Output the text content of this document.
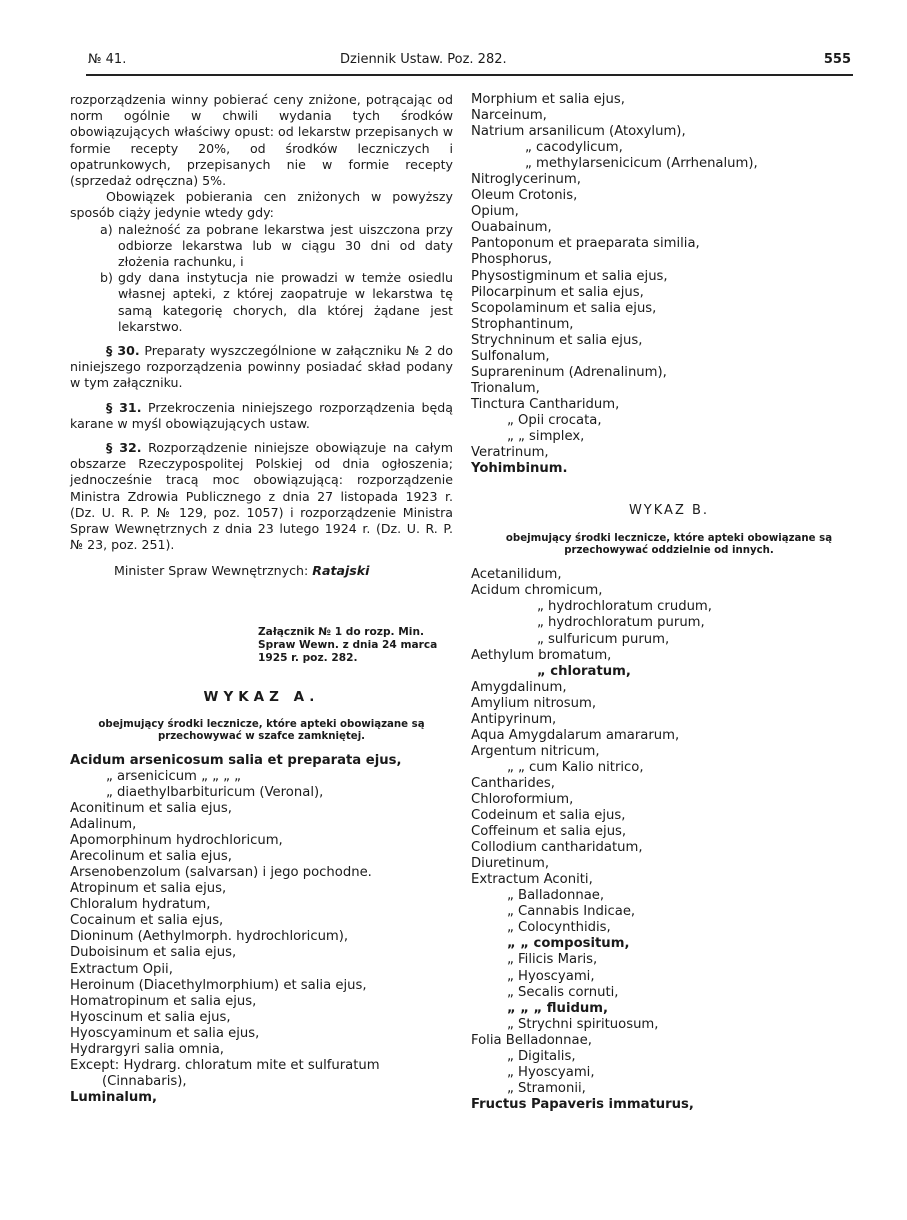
№ 41.	Dziennik Ustaw. Poz. 282.	555

rozporządzenia winny pobierać ceny zniżone, potrącając od norm ogólnie w chwili wydania tych środków obowiązujących właściwy opust: od lekarstw przepisanych w formie recepty 20%, od środków leczniczych i opatrunkowych, przepisanych nie w formie recepty (sprzedaż odręczna) 5%.

Obowiązek pobierania cen zniżonych w powyższy sposób ciąży jedynie wtedy gdy:

a) należność za pobrane lekarstwa jest uiszczona przy odbiorze lekarstwa lub w ciągu 30 dni od daty złożenia rachunku, i
b) gdy dana instytucja nie prowadzi w temże osiedlu własnej apteki, z której zaopatruje w lekarstwa tę samą kategorię chorych, dla której żądane jest lekarstwo.

§ 30. Preparaty wyszczególnione w załączniku № 2 do niniejszego rozporządzenia powinny posiadać skład podany w tym załączniku.

§ 31. Przekroczenia niniejszego rozporządzenia będą karane w myśl obowiązujących ustaw.

§ 32. Rozporządzenie niniejsze obowiązuje na całym obszarze Rzeczypospolitej Polskiej od dnia ogłoszenia; jednocześnie tracą moc obowiązującą: rozporządzenie Ministra Zdrowia Publicznego z dnia 27 listopada 1923 r. (Dz. U. R. P. № 129, poz. 1057) i rozporządzenie Ministra Spraw Wewnętrznych z dnia 23 lutego 1924 r. (Dz. U. R. P. № 23, poz. 251).

Minister Spraw Wewnętrznych: Ratajski

Załącznik № 1 do rozp. Min. Spraw Wewn. z dnia 24 marca 1925 r. poz. 282.

WYKAZ A.

obejmujący środki lecznicze, które apteki obowiązane są przechowywać w szafce zamkniętej.

Acidum arsenicosum salia et preparata ejus,
„ arsenicicum „ „ „ „
„ diaethylbarbituricum (Veronal),
Aconitinum et salia ejus,
Adalinum,
Apomorphinum hydrochloricum,
Arecolinum et salia ejus,
Arsenobenzolum (salvarsan) i jego pochodne.
Atropinum et salia ejus,
Chloralum hydratum,
Cocainum et salia ejus,
Dioninum (Aethylmorph. hydrochloricum),
Duboisinum et salia ejus,
Extractum Opii,
Heroinum (Diacethylmorphium) et salia ejus,
Homatropinum et salia ejus,
Hyoscinum et salia ejus,
Hyoscyaminum et salia ejus,
Hydrargyri salia omnia,
Except: Hydrarg. chloratum mite et sulfuratum (Cinnabaris),
Luminalum,
Morphium et salia ejus,
Narceinum,
Natrium arsanilicum (Atoxylum),
„ cacodylicum,
„ methylarsenicicum (Arrhenalum),
Nitroglycerinum,
Oleum Crotonis,
Opium,
Ouabainum,
Pantoponum et praeparata similia,
Phosphorus,
Physostigminum et salia ejus,
Pilocarpinum et salia ejus,
Scopolaminum et salia ejus,
Strophantinum,
Strychninum et salia ejus,
Sulfonalum,
Suprareninum (Adrenalinum),
Trionalum,
Tinctura Cantharidum,
„ Opii crocata,
„ „ simplex,
Veratrinum,
Yohimbinum.

WYKAZ B.

obejmujący środki lecznicze, które apteki obowiązane są przechowywać oddzielnie od innych.

Acetanilidum,
Acidum chromicum,
„ hydrochloratum crudum,
„ hydrochloratum purum,
„ sulfuricum purum,
Aethylum bromatum,
„ chloratum,
Amygdalinum,
Amylium nitrosum,
Antipyrinum,
Aqua Amygdalarum amararum,
Argentum nitricum,
„ „ cum Kalio nitrico,
Cantharides,
Chloroformium,
Codeinum et salia ejus,
Coffeinum et salia ejus,
Collodium cantharidatum,
Diuretinum,
Extractum Aconiti,
„ Balladonnae,
„ Cannabis Indicae,
„ Colocynthidis,
„ „ compositum,
„ Filicis Maris,
„ Hyoscyami,
„ Secalis cornuti,
„ „ „ fluidum,
„ Strychni spirituosum,
Folia Belladonnae,
„ Digitalis,
„ Hyoscyami,
„ Stramonii,
Fructus Papaveris immaturus,
